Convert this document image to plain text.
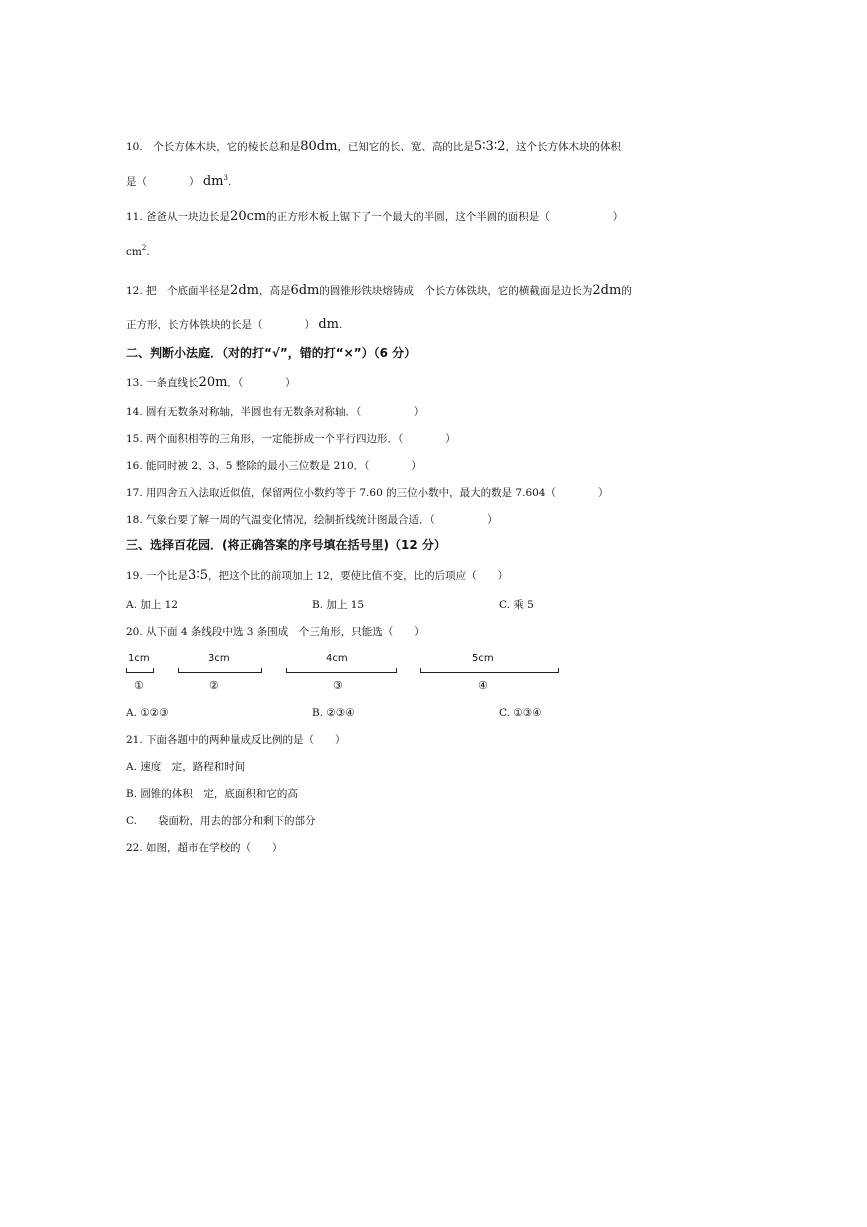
10.　个长方体木块，它的棱长总和是80dm，已知它的长、宽、高的比是5∶3∶2，这个长方体木块的体积
是（　　　　） $dm^3$.
11. 爸爸从一块边长是20cm的正方形木板上锯下了一个最大的半圆，这个半圆的面积是（　　　　　　）
$cm^2$.
12. 把　个底面半径是2dm，高是6dm的圆锥形铁块熔铸成　个长方体铁块，它的横截面是边长为2dm的
正方形，长方体铁块的长是（　　　　） dm.
二、判断小法庭．（对的打“√”，错的打“×”）（6 分）
13. 一条直线长20m．（　　　　）
14. 圆有无数条对称轴，半圆也有无数条对称轴．（　　　　　）
15. 两个面积相等的三角形，一定能拼成一个平行四边形．（　　　　）
16. 能同时被 2、3、5 整除的最小三位数是 210．（　　　　）
17. 用四舍五入法取近似值，保留两位小数约等于 7.60 的三位小数中，最大的数是 7.604（　　　　）
18. 气象台要了解一周的气温变化情况，绘制折线统计图最合适．（　　　　　）
三、选择百花园．(将正确答案的序号填在括号里)（12 分）
19. 一个比是3∶5，把这个比的前项加上 12，要使比值不变，比的后项应（　　）
A. 加上 12	B. 加上 15	C. 乘 5
20. 从下面 4 条线段中选 3 条围成　个三角形，只能选（　　）
1cm
①
3cm
②
4cm
③
5cm
④
A. ①②③	B. ②③④	C. ①③④
21. 下面各题中的两种量成反比例的是（　　）
A. 速度　定，路程和时间
B. 圆锥的体积　定，底面积和它的高
C.　　袋面粉，用去的部分和剩下的部分
22. 如图，超市在学校的（　　）
